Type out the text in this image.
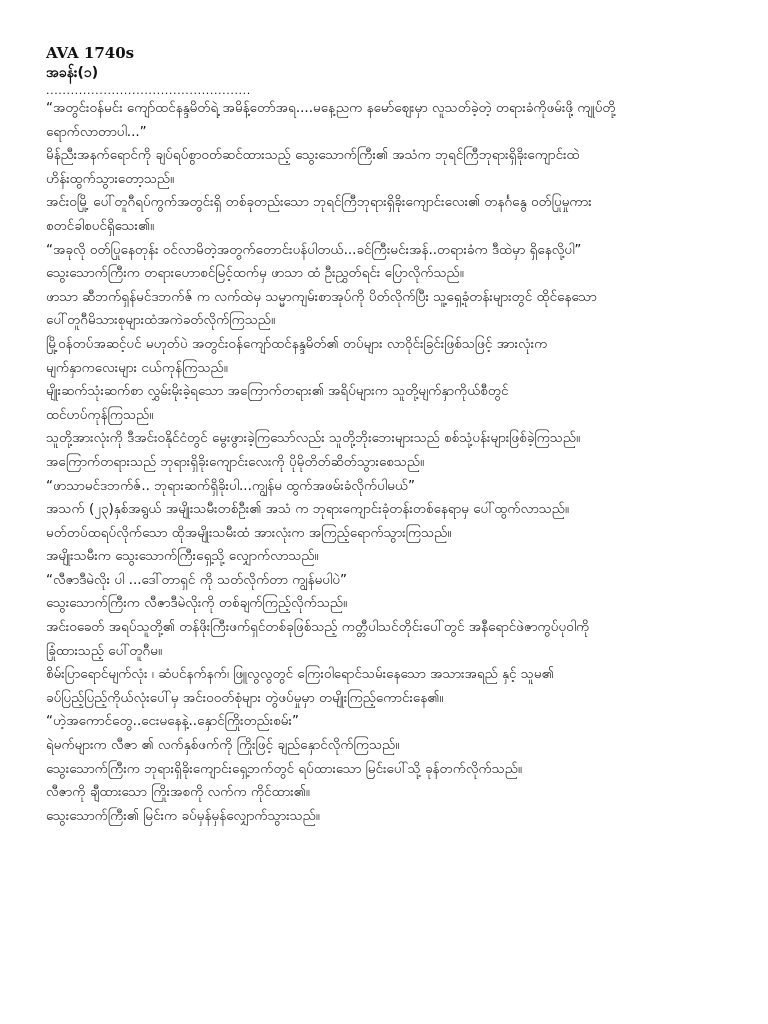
AVA 1740s

အခန်း(၁)

..................................................

“အတွင်းဝန်မင်း ကျော်ထင်နန္ဒမိတ်ရဲ့ အမိန့်တော်အရ....မနေ့ညက နမော်ဈေးမှာ လူသတ်ခဲ့တဲ့ တရားခံကိုဖမ်းဖို့ ကျုပ်တို့

ရောက်လာတာပါ...”

မိန်ညီးအနက်ရောင်ကို ချပ်ရပ်စွာဝတ်ဆင်ထားသည့် သွေးသောက်ကြီး၏ အသံက ဘုရင်ကြီဘုရားရှိခိုးကျောင်းထဲ

ဟိန်းထွက်သွားတော့သည်။

အင်းဝမြို့ ပေါ်တူဂီရပ်ကွက်အတွင်းရှိ တစ်ခုတည်းသော ဘုရင်ကြီဘုရားရှိခိုးကျောင်းလေး၏ တနင်္ဂနွေ ဝတ်ပြုမှုကား

စတင်ခါစပင်ရှိသေး၏။

“အခုလို ဝတ်ပြုနေတုန်း ဝင်လာမိတဲ့အတွက်တောင်းပန်ပါတယ်...ခင်ကြီးမင်းအန်..တရားခံက ဒီထဲမှာ ရှိနေလို့ပါ”

သွေးသောက်ကြီးက တရားဟောစင်မြင့်ထက်မှ ဖာသာ ထံ ဦးညွှတ်ရင်း ပြောလိုက်သည်။

ဖာသာ ဆီဘက်ရှန်မင်ဒဘက်ဇ် က လက်ထဲမှ သမ္မာကျမ်းစာအုပ်ကို ပိတ်လိုက်ပြီး သူ့ရှေ့ခုံတန်းများတွင် ထိုင်နေသော

ပေါ်တူဂီမိသားစုများထံအကဲခတ်လိုက်ကြသည်။

မြို့ဝန်တပ်အဆင့်ပင် မဟုတ်ပဲ အတွင်းဝန်ကျော်ထင်နန္ဒမိတ်၏ တပ်များ လာဝိုင်းခြင်းဖြစ်သဖြင့် အားလုံးက

မျက်နှာကလေးများ ငယ်ကုန်ကြသည်။

မျိုးဆက်သုံးဆက်စာ လွှမ်းမိုးခဲ့ရသော အကြောက်တရား၏ အရိပ်များက သူတို့မျက်နှာကိုယ်စီတွင်

ထင်ဟပ်ကုန်ကြသည်။

သူတို့အားလုံးကို ဒီအင်းဝနိုင်ငံတွင် မွေးဖွားခဲ့ကြသော်လည်း သူတို့ဘိုးဘေးများသည် စစ်သုံ့ပန်းများဖြစ်ခဲ့ကြသည်။

အကြောက်တရားသည် ဘုရားရှိခိုးကျောင်းလေးကို ပိုမိုတိတ်ဆိတ်သွားစေသည်။

“ဖာသာမင်ဒဘက်ဇ်.. ဘုရားဆက်ရှိခိုးပါ...ကျွန်မ ထွက်အဖမ်းခံလိုက်ပါမယ်”

အသက် (၂၃)နှစ်အရွယ် အမျိုးသမီးတစ်ဦး၏ အသံ က ဘုရားကျောင်းခုံတန်းတစ်နေရာမှ ပေါ်ထွက်လာသည်။

မတ်တပ်ထရပ်လိုက်သော ထိုအမျိုးသမီးထံ အားလုံးက အကြည့်ရောက်သွားကြသည်။

အမျိုးသမီးက သွေးသောက်ကြီးရှေ့သို့ လျှောက်လာသည်။

“လီဇာဒီမဲလိုး ပါ ...ဒေါ်တာရှင် ကို သတ်လိုက်တာ ကျွန်မပါပဲ”

သွေးသောက်ကြီးက လီဇာဒီမဲလိုးကို တစ်ချက်ကြည့်လိုက်သည်။

အင်းဝခေတ် အရပ်သူတို့၏ တန်ဖိုးကြီးဖက်ရှင်တစ်ခုဖြစ်သည့် ကတ္တီပါသင်တိုင်းပေါ်တွင် အနီရောင်ဖဲဇာကွပ်ပုဝါကို

ခြုံထားသည့် ပေါ်တူဂီမ။

စိမ်းပြာရောင်မျက်လုံး ၊ ဆံပင်နက်နက်၊ ဖြူလွလွတွင် ကြေးဝါရောင်သမ်းနေသော အသားအရည် နှင့် သူမ၏

ခပ်ပြည့်ပြည့်ကိုယ်လုံးပေါ်မှ အင်းဝဝတ်စုံများ တွဲဖပ်မှုမှာ တမျိုးကြည့်ကောင်းနေ၏။

“ဟဲ့အကောင်တွေ..ငေးမနေနဲ့..နှောင်ကြိုးတည်းစမ်း”

ရဲမက်များက လီဇာ ၏ လက်နှစ်ဖက်ကို ကြိုးဖြင့် ချည်နှောင်လိုက်ကြသည်။

သွေးသောက်ကြီးက ဘုရားရှိခိုးကျောင်းရှေ့ဘက်တွင် ရပ်ထားသော မြင်းပေါ်သို့ ခုန်တက်လိုက်သည်။

လီဇာကို ချီထားသော ကြိုးအစကို လက်က ကိုင်ထား၏။

သွေးသောက်ကြီး၏ မြင်းက ခပ်မှန်မှန်လျှောက်သွားသည်။
